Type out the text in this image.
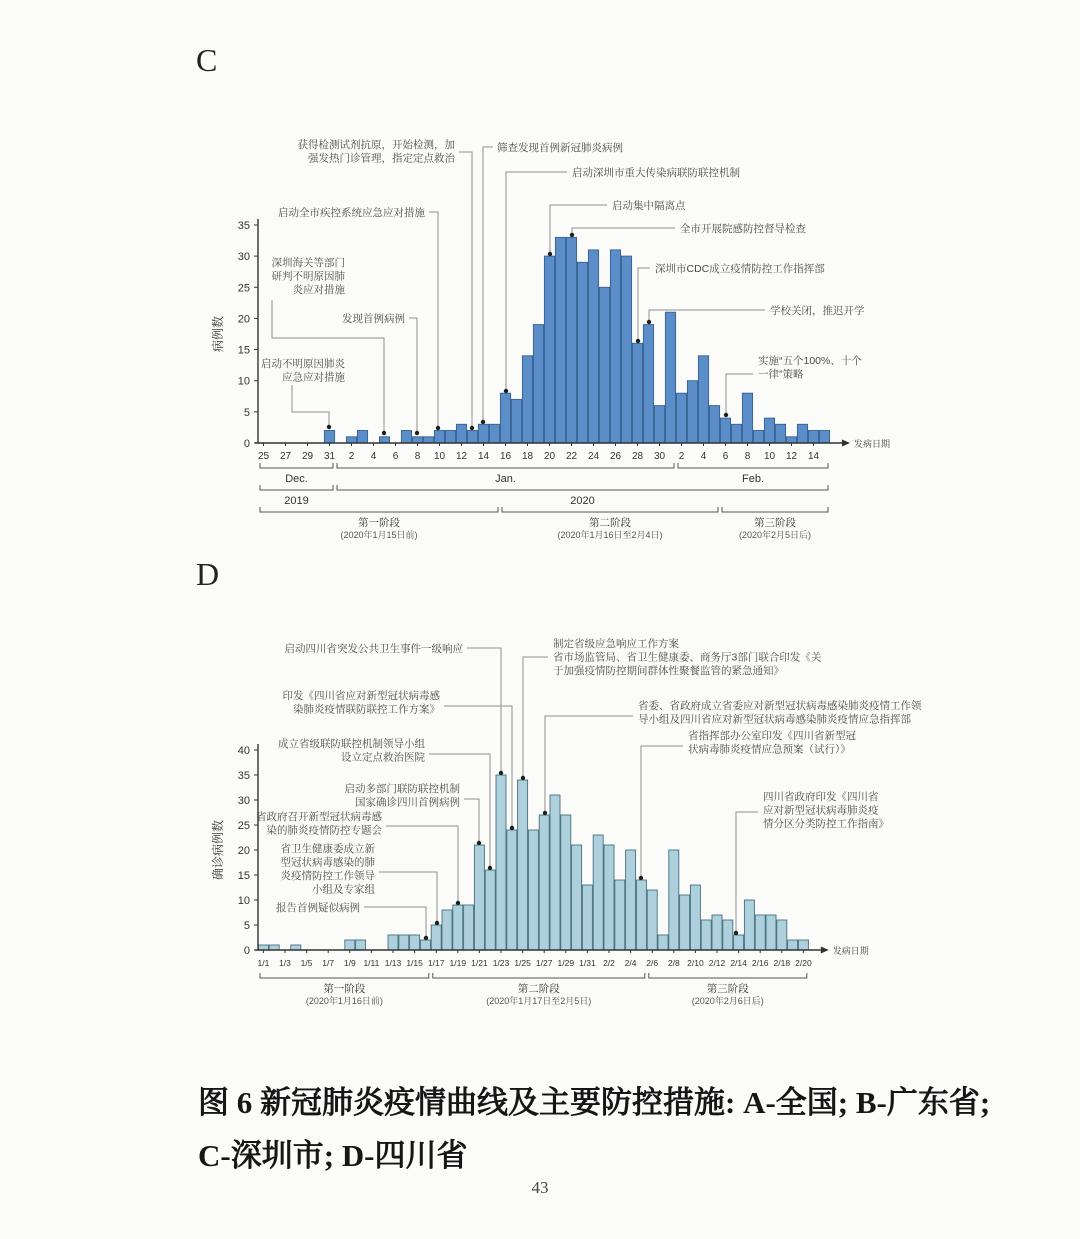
C
发病日期
0
5
10
15
20
25
30
35
病例数
25 27 29 31 2 4 6 8 10 12 14 16 18 20 22 24 26 28 30 2 4 6 8 10 12 14
Dec.	Jan.	Feb.
2019	2020
第一阶段
(2020年1月15日前)
第二阶段
(2020年1月16日至2月4日)
第三阶段
(2020年2月5日后)
获得检测试剂抗原，开始检测，加强发热门诊管理，指定定点救治
筛查发现首例新冠肺炎病例
启动深圳市重大传染病联防联控机制
启动集中隔离点
全市开展院感防控督导检查
深圳市CDC成立疫情防控工作指挥部
学校关闭，推迟开学
实施“五个100%、十个一律”策略
启动全市疾控系统应急应对措施
深圳海关等部门研判不明原因肺炎应对措施
发现首例病例
启动不明原因肺炎应急应对措施
D
发病日期
0
5
10
15
20
25
30
35
40
确诊病例数
1/1 1/3 1/5 1/7 1/9 1/11 1/13 1/15 1/17 1/19 1/21 1/23 1/25 1/27 1/29 1/31 2/2 2/4 2/6 2/8 2/10 2/12 2/14 2/16 2/18 2/20
第一阶段
(2020年1月16日前)
第二阶段
(2020年1月17日至2月5日)
第三阶段
(2020年2月6日后)
启动四川省突发公共卫生事件一级响应	制定省级应急响应工作方案省市场监管局、省卫生健康委、商务厅3部门联合印发《关于加强疫情防控期间群体性聚餐监管的紧急通知》
印发《四川省应对新型冠状病毒感染肺炎疫情联防联控工作方案》
成立省级联防联控机制领导小组设立定点救治医院
启动多部门联防联控机制国家确诊四川首例病例
省政府召开新型冠状病毒感染的肺炎疫情防控专题会
省卫生健康委成立新型冠状病毒感染的肺炎疫情防控工作领导小组及专家组
报告首例疑似病例
省委、省政府成立省委应对新型冠状病毒感染肺炎疫情工作领导小组及四川省应对新型冠状病毒感染肺炎疫情应急指挥部
省指挥部办公室印发《四川省新型冠状病毒肺炎疫情应急预案（试行）》
四川省政府印发《四川省应对新型冠状病毒肺炎疫情分区分类防控工作指南》
图 6 新冠肺炎疫情曲线及主要防控措施: A-全国; B-广东省;
C-深圳市; D-四川省
43
